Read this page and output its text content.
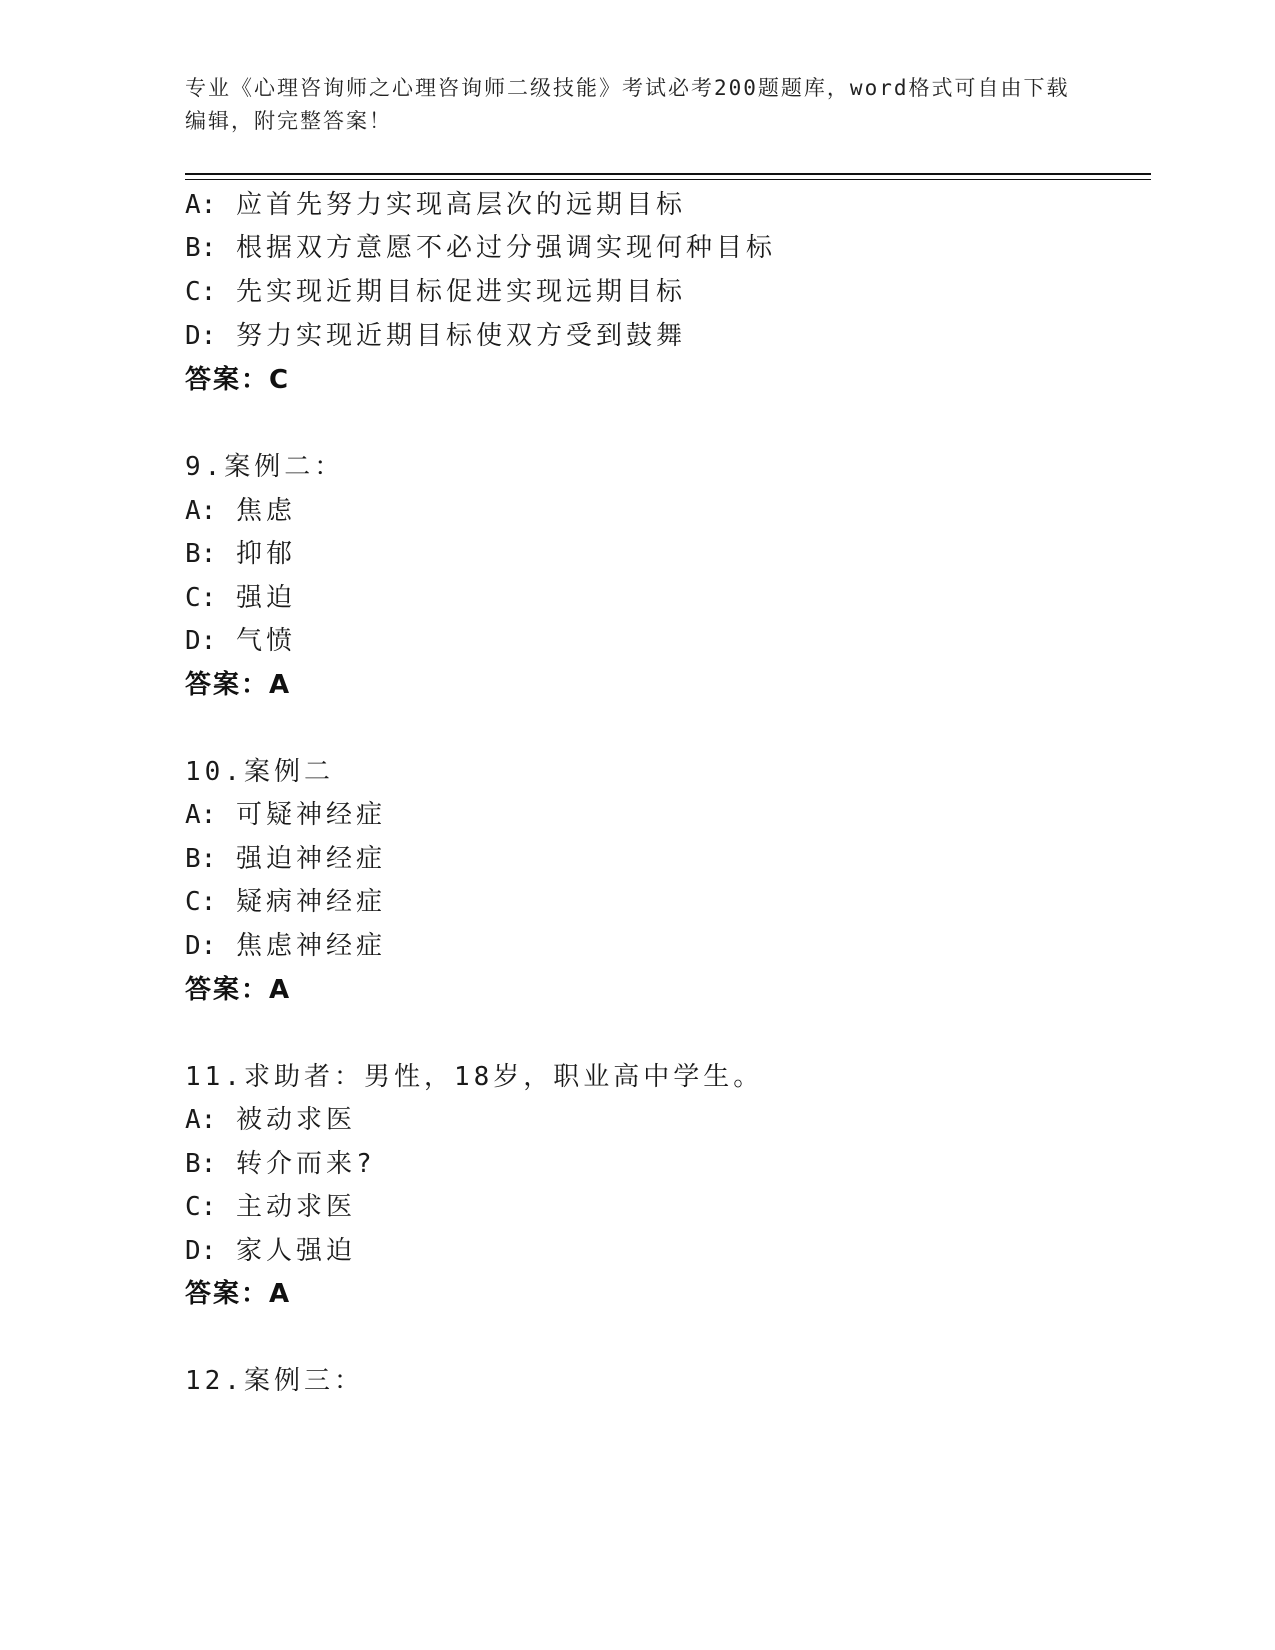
专业《心理咨询师之心理咨询师二级技能》考试必考200题题库，word格式可自由下载编辑，附完整答案！
A: 应首先努力实现高层次的远期目标
B: 根据双方意愿不必过分强调实现何种目标
C: 先实现近期目标促进实现远期目标
D: 努力实现近期目标使双方受到鼓舞
答案：C
9.案例二：
A: 焦虑
B: 抑郁
C: 强迫
D: 气愤
答案：A
10.案例二
A: 可疑神经症
B: 强迫神经症
C: 疑病神经症
D: 焦虑神经症
答案：A
11.求助者：男性，18岁，职业高中学生。
A: 被动求医
B: 转介而来?
C: 主动求医
D: 家人强迫
答案：A
12.案例三：
